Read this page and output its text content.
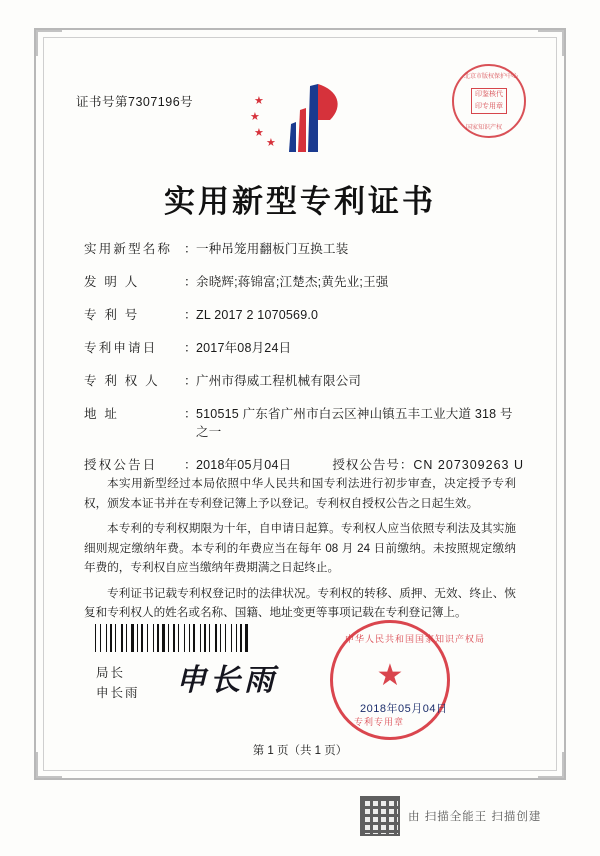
证书号第7307196号	★
★
★
★
北京市版权保护中心
国家知识产权
印鉴核代印专用章
实用新型专利证书
实用新型名称 ： 一种吊笼用翻板门互换工装
发 明 人	： 余晓辉;蒋锦富;江楚杰;黄先业;王强
专 利 号	： ZL 2017 2 1070569.0
专利申请日	： 2017年08月24日
专 利 权 人	： 广州市得威工程机械有限公司
地 址	： 510515 广东省广州市白云区神山镇五丰工业大道 318 号之一
授权公告日	： 2018年05月04日	授权公告号：CN 207309263 U

本实用新型经过本局依照中华人民共和国专利法进行初步审查，决定授予专利权，颁发本证书并在专利登记簿上予以登记。专利权自授权公告之日起生效。

本专利的专利权期限为十年，自申请日起算。专利权人应当依照专利法及其实施细则规定缴纳年费。本专利的年费应当在每年 08 月 24 日前缴纳。未按照规定缴纳年费的，专利权自应当缴纳年费期满之日起终止。

专利证书记载专利权登记时的法律状况。专利权的转移、质押、无效、终止、恢复和专利权人的姓名或名称、国籍、地址变更等事项记载在专利登记簿上。

局长
申长雨 申长雨
中华人民共和国国家知识产权局
★
专利专用章
2018年05月04日
第 1 页（共 1 页）
由 扫描全能王 扫描创建
